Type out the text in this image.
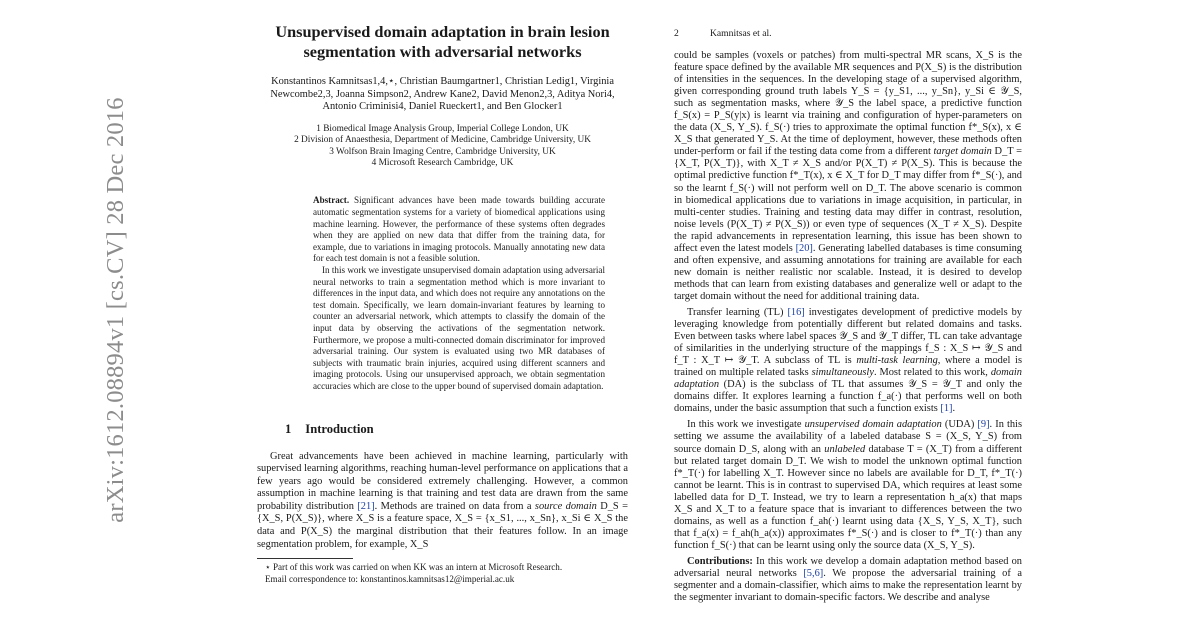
arXiv:1612.08894v1 [cs.CV] 28 Dec 2016
Unsupervised domain adaptation in brain lesion
segmentation with adversarial networks
Konstantinos Kamnitsas1,4,⋆, Christian Baumgartner1, Christian Ledig1, Virginia Newcombe2,3, Joanna Simpson2, Andrew Kane2, David Menon2,3, Aditya Nori4, Antonio Criminisi4, Daniel Rueckert1, and Ben Glocker1
1 Biomedical Image Analysis Group, Imperial College London, UK
2 Division of Anaesthesia, Department of Medicine, Cambridge University, UK
3 Wolfson Brain Imaging Centre, Cambridge University, UK
4 Microsoft Research Cambridge, UK

Abstract. Significant advances have been made towards building accurate automatic segmentation systems for a variety of biomedical applications using machine learning. However, the performance of these systems often degrades when they are applied on new data that differ from the training data, for example, due to variations in imaging protocols. Manually annotating new data for each test domain is not a feasible solution.

In this work we investigate unsupervised domain adaptation using adversarial neural networks to train a segmentation method which is more invariant to differences in the input data, and which does not require any annotations on the test domain. Specifically, we learn domain-invariant features by learning to counter an adversarial network, which attempts to classify the domain of the input data by observing the activations of the segmentation network. Furthermore, we propose a multi-connected domain discriminator for improved adversarial training. Our system is evaluated using two MR databases of subjects with traumatic brain injuries, acquired using different scanners and imaging protocols. Using our unsupervised approach, we obtain segmentation accuracies which are close to the upper bound of supervised domain adaptation.

1 Introduction

Great advancements have been achieved in machine learning, particularly with supervised learning algorithms, reaching human-level performance on applications that a few years ago would be considered extremely challenging. However, a common assumption in machine learning is that training and test data are drawn from the same probability distribution [21]. Methods are trained on data from a source domain D_S = {X_S, P(X_S)}, where X_S is a feature space, X_S = {x_S1, ..., x_Sn}, x_Si ∈ X_S the data and P(X_S) the marginal distribution that their features follow. In an image segmentation problem, for example, X_S

⋆ Part of this work was carried on when KK was an intern at Microsoft Research.

Email correspondence to: konstantinos.kamnitsas12@imperial.ac.uk

2	Kamnitsas et al.

could be samples (voxels or patches) from multi-spectral MR scans, X_S is the feature space defined by the available MR sequences and P(X_S) is the distribution of intensities in the sequences. In the developing stage of a supervised algorithm, given corresponding ground truth labels Y_S = {y_S1, ..., y_Sn}, y_Si ∈ 𝒴_S, such as segmentation masks, where 𝒴_S the label space, a predictive function f_S(x) = P_S(y|x) is learnt via training and configuration of hyper-parameters on the data (X_S, Y_S). f_S(·) tries to approximate the optimal function f*_S(x), x ∈ X_S that generated Y_S. At the time of deployment, however, these methods often under-perform or fail if the testing data come from a different target domain D_T = {X_T, P(X_T)}, with X_T ≠ X_S and/or P(X_T) ≠ P(X_S). This is because the optimal predictive function f*_T(x), x ∈ X_T for D_T may differ from f*_S(·), and so the learnt f_S(·) will not perform well on D_T. The above scenario is common in biomedical applications due to variations in image acquisition, in particular, in multi-center studies. Training and testing data may differ in contrast, resolution, noise levels (P(X_T) ≠ P(X_S)) or even type of sequences (X_T ≠ X_S). Despite the rapid advancements in representation learning, this issue has been shown to affect even the latest models [20]. Generating labelled databases is time consuming and often expensive, and assuming annotations for training are available for each new domain is neither realistic nor scalable. Instead, it is desired to develop methods that can learn from existing databases and generalize well or adapt to the target domain without the need for additional training data.

Transfer learning (TL) [16] investigates development of predictive models by leveraging knowledge from potentially different but related domains and tasks. Even between tasks where label spaces 𝒴_S and 𝒴_T differ, TL can take advantage of similarities in the underlying structure of the mappings f_S : X_S ↦ 𝒴_S and f_T : X_T ↦ 𝒴_T. A subclass of TL is multi-task learning, where a model is trained on multiple related tasks simultaneously. Most related to this work, domain adaptation (DA) is the subclass of TL that assumes 𝒴_S = 𝒴_T and only the domains differ. It explores learning a function f_a(·) that performs well on both domains, under the basic assumption that such a function exists [1].

In this work we investigate unsupervised domain adaptation (UDA) [9]. In this setting we assume the availability of a labeled database S = (X_S, Y_S) from source domain D_S, along with an unlabeled database T = (X_T) from a different but related target domain D_T. We wish to model the unknown optimal function f*_T(·) for labelling X_T. However since no labels are available for D_T, f*_T(·) cannot be learnt. This is in contrast to supervised DA, which requires at least some labelled data for D_T. Instead, we try to learn a representation h_a(x) that maps X_S and X_T to a feature space that is invariant to differences between the two domains, as well as a function f_ah(·) learnt using data {X_S, Y_S, X_T}, such that f_a(x) = f_ah(h_a(x)) approximates f*_S(·) and is closer to f*_T(·) than any function f_S(·) that can be learnt using only the source data (X_S, Y_S).

Contributions: In this work we develop a domain adaptation method based on adversarial neural networks [5,6]. We propose the adversarial training of a segmenter and a domain-classifier, which aims to make the representation learnt by the segmenter invariant to domain-specific factors. We describe and analyse
